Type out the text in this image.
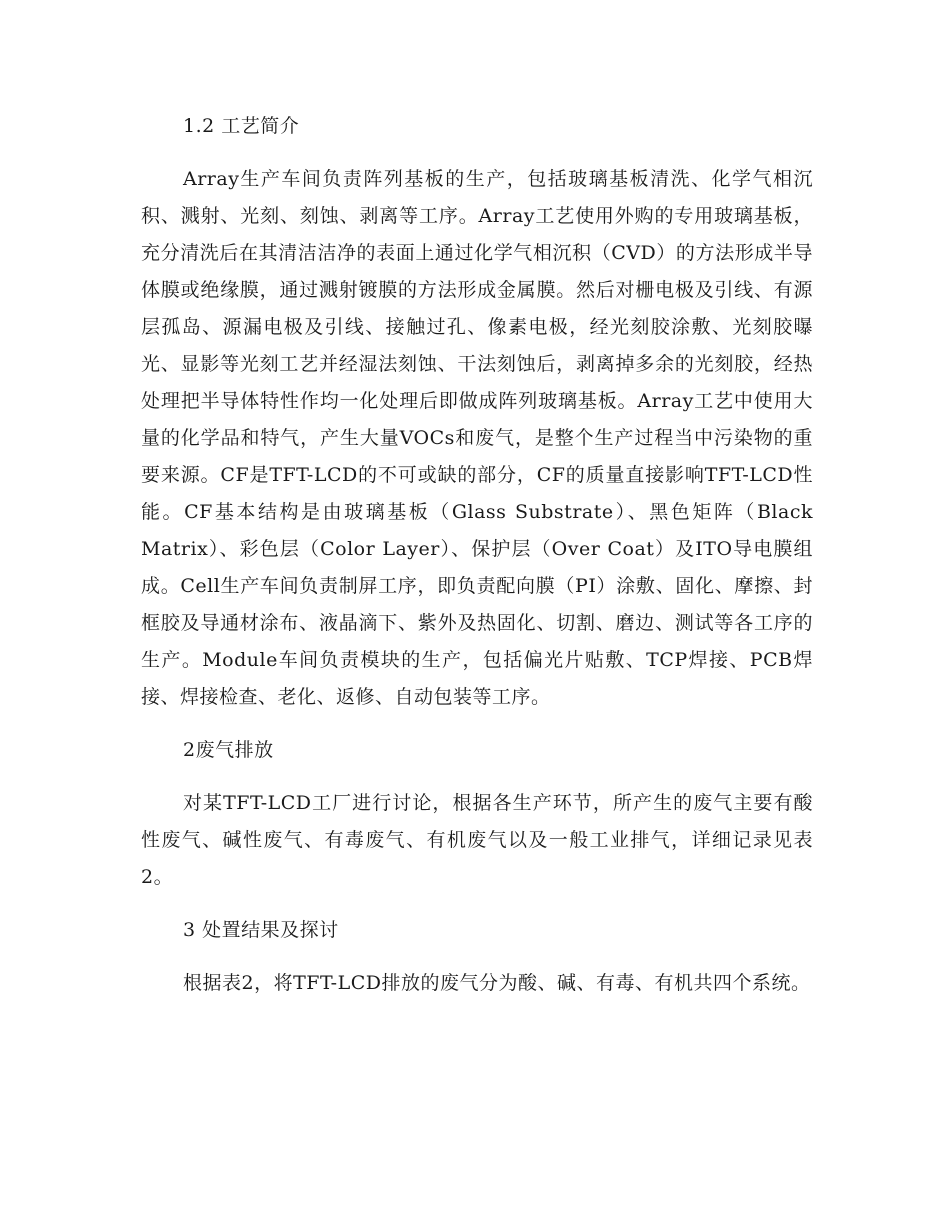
1.2 工艺简介

Array生产车间负责阵列基板的生产，包括玻璃基板清洗、化学气相沉积、溅射、光刻、刻蚀、剥离等工序。Array工艺使用外购的专用玻璃基板，充分清洗后在其清洁洁净的表面上通过化学气相沉积（CVD）的方法形成半导体膜或绝缘膜，通过溅射镀膜的方法形成金属膜。然后对栅电极及引线、有源层孤岛、源漏电极及引线、接触过孔、像素电极，经光刻胶涂敷、光刻胶曝光、显影等光刻工艺并经湿法刻蚀、干法刻蚀后，剥离掉多余的光刻胶，经热处理把半导体特性作均一化处理后即做成阵列玻璃基板。Array工艺中使用大量的化学品和特气，产生大量VOCs和废气，是整个生产过程当中污染物的重要来源。CF是TFT-LCD的不可或缺的部分，CF的质量直接影响TFT-LCD性能。CF基本结构是由玻璃基板（Glass Substrate）、黑色矩阵（Black Matrix）、彩色层（Color Layer）、保护层（Over Coat）及ITO导电膜组成。Cell生产车间负责制屏工序，即负责配向膜（PI）涂敷、固化、摩擦、封框胶及导通材涂布、液晶滴下、紫外及热固化、切割、磨边、测试等各工序的生产。Module车间负责模块的生产，包括偏光片贴敷、TCP焊接、PCB焊接、焊接检查、老化、返修、自动包装等工序。

2废气排放

对某TFT-LCD工厂进行讨论，根据各生产环节，所产生的废气主要有酸性废气、碱性废气、有毒废气、有机废气以及一般工业排气，详细记录见表2。

3 处置结果及探讨

根据表2，将TFT-LCD排放的废气分为酸、碱、有毒、有机共四个系统。
